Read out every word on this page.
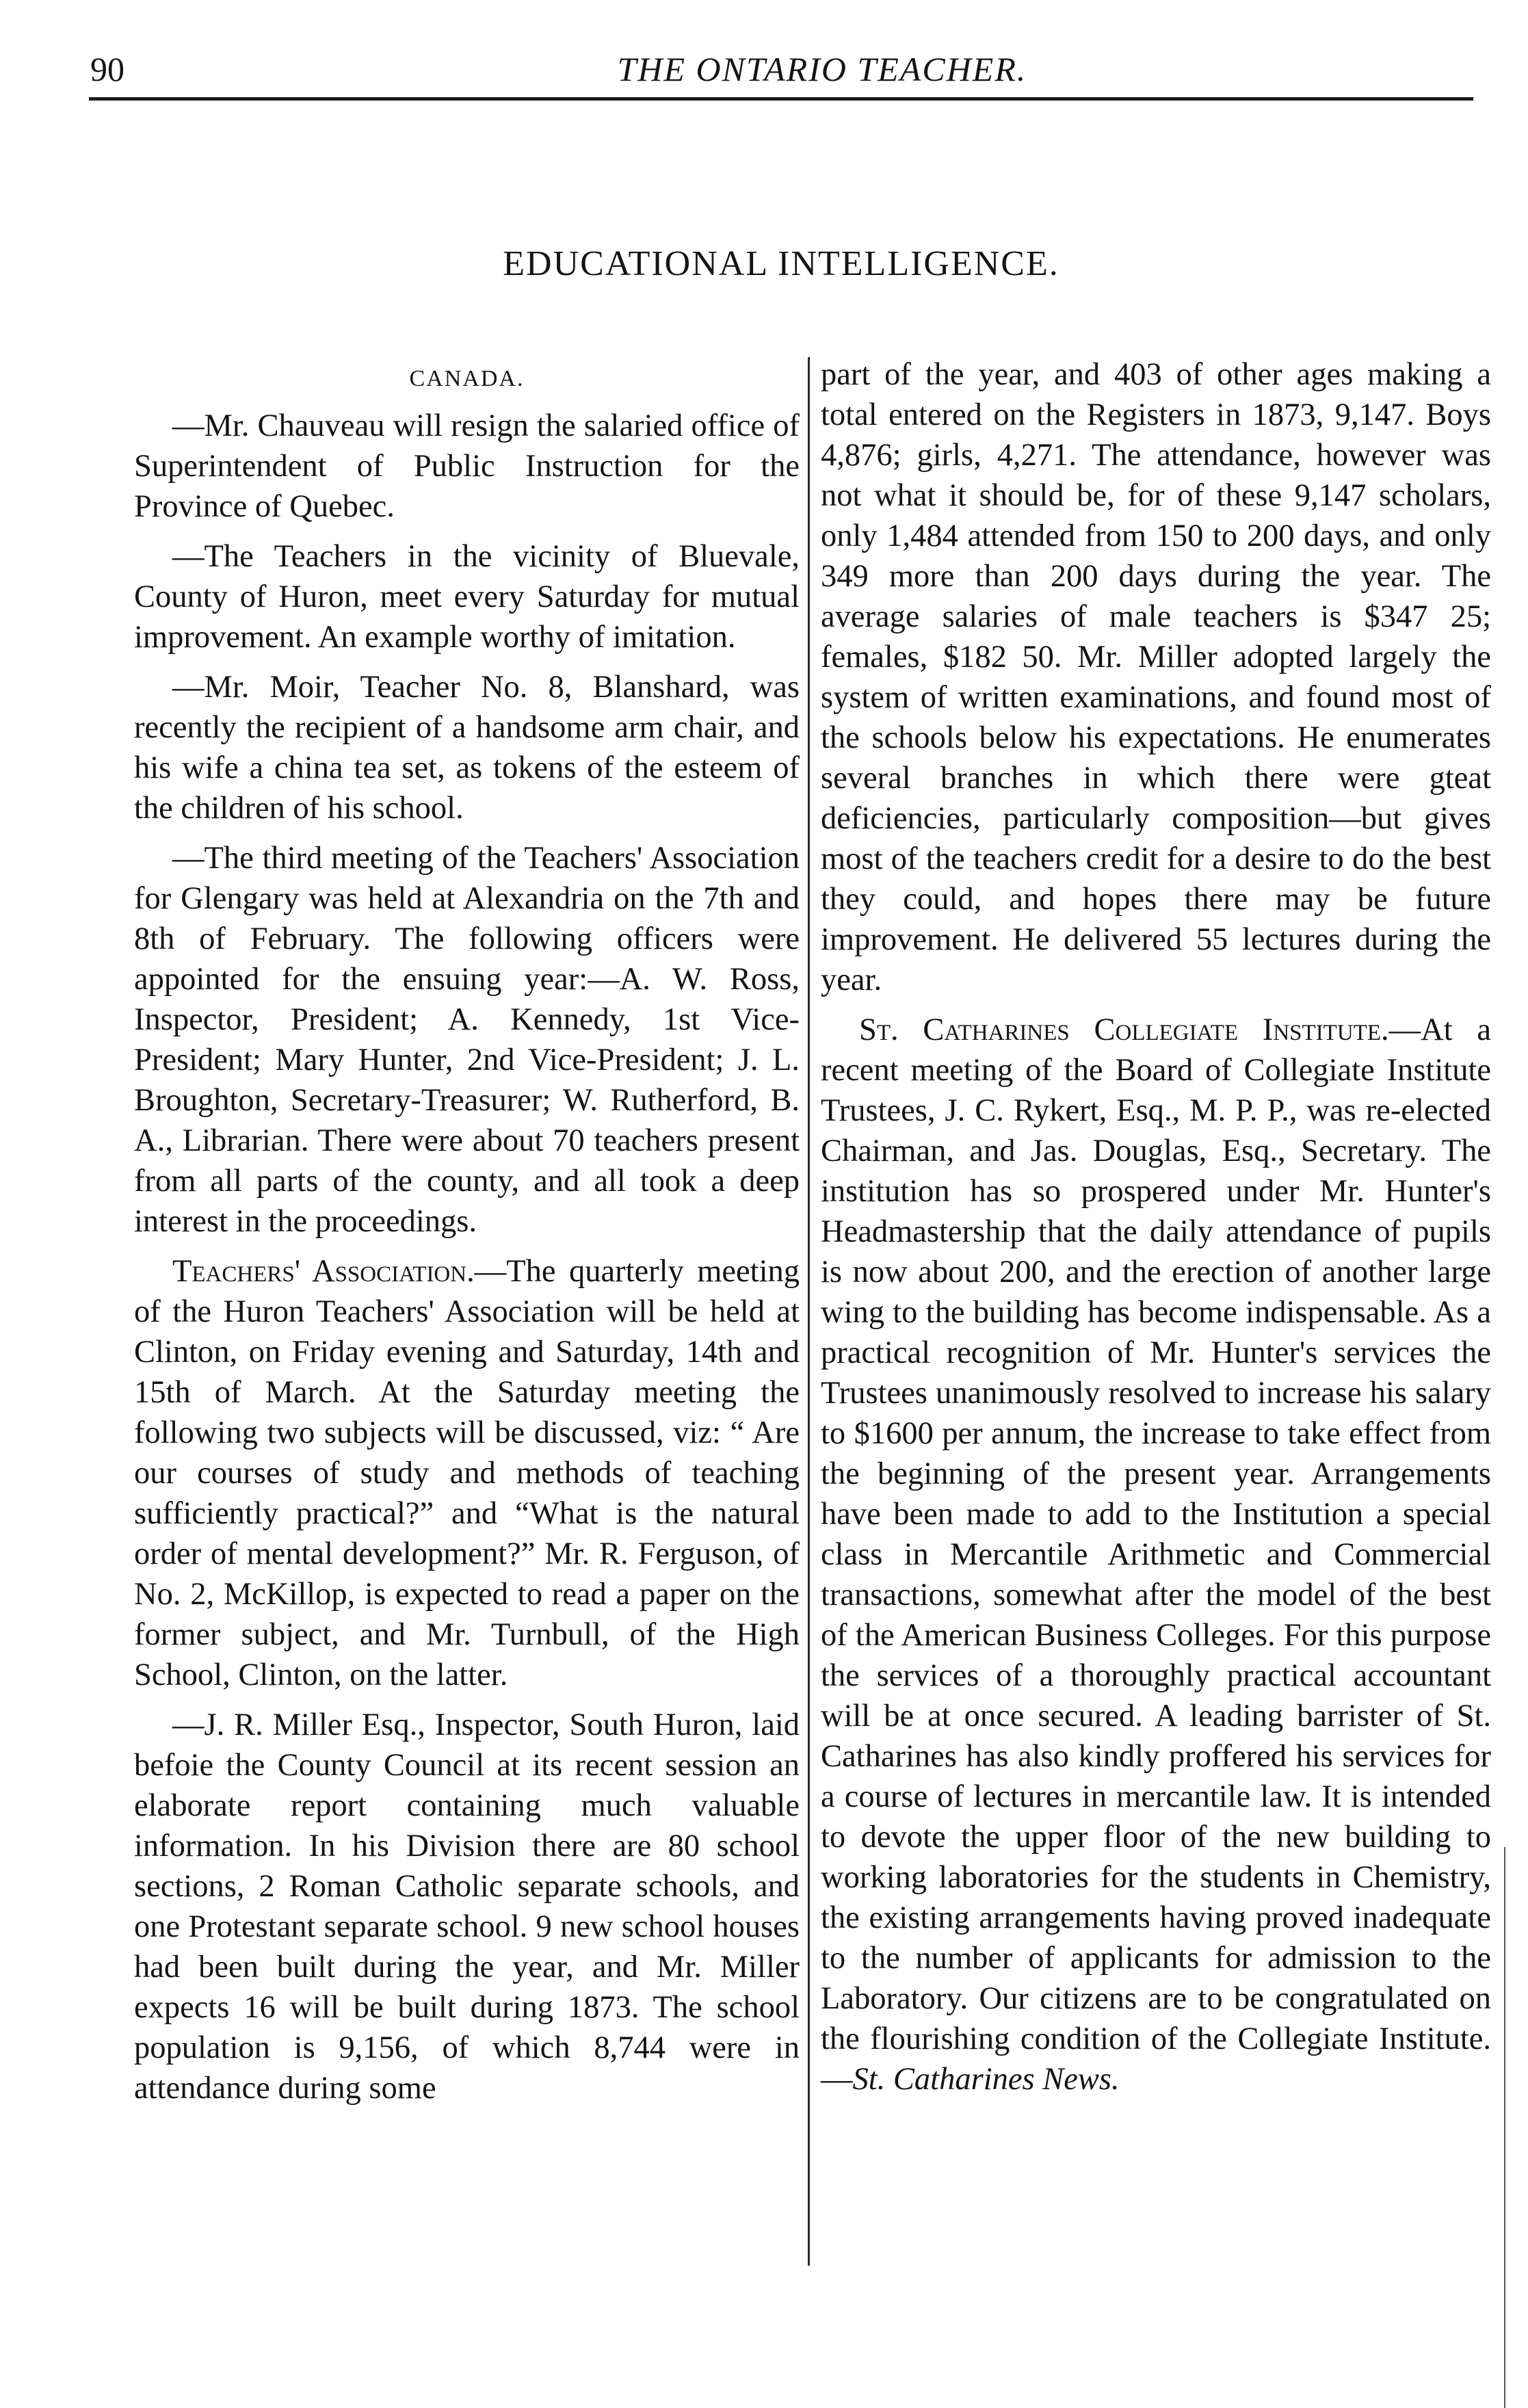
90	THE ONTARIO TEACHER.
EDUCATIONAL INTELLIGENCE.
CANADA.

—Mr. Chauveau will resign the salaried office of Superintendent of Public Instruction for the Province of Quebec.

—The Teachers in the vicinity of Bluevale, County of Huron, meet every Saturday for mutual improvement. An example worthy of imitation.

—Mr. Moir, Teacher No. 8, Blanshard, was recently the recipient of a handsome arm chair, and his wife a china tea set, as tokens of the esteem of the children of his school.

—The third meeting of the Teachers' Association for Glengary was held at Alexandria on the 7th and 8th of February. The following officers were appointed for the ensuing year:—A. W. Ross, Inspector, President; A. Kennedy, 1st Vice-President; Mary Hunter, 2nd Vice-President; J. L. Broughton, Secretary-Treasurer; W. Rutherford, B. A., Librarian. There were about 70 teachers present from all parts of the county, and all took a deep interest in the proceedings.

Teachers' Association.—The quarterly meeting of the Huron Teachers' Association will be held at Clinton, on Friday evening and Saturday, 14th and 15th of March. At the Saturday meeting the following two subjects will be discussed, viz: “ Are our courses of study and methods of teaching sufficiently practical?” and “What is the natural order of mental development?” Mr. R. Ferguson, of No. 2, McKillop, is expected to read a paper on the former subject, and Mr. Turnbull, of the High School, Clinton, on the latter.

—J. R. Miller Esq., Inspector, South Huron, laid befoie the County Council at its recent session an elaborate report containing much valuable information. In his Division there are 80 school sections, 2 Roman Catholic separate schools, and one Protestant separate school. 9 new school houses had been built during the year, and Mr. Miller expects 16 will be built during 1873. The school population is 9,156, of which 8,744 were in attendance during some

part of the year, and 403 of other ages making a total entered on the Registers in 1873, 9,147. Boys 4,876; girls, 4,271. The attendance, however was not what it should be, for of these 9,147 scholars, only 1,484 attended from 150 to 200 days, and only 349 more than 200 days during the year. The average salaries of male teachers is $347 25; females, $182 50. Mr. Miller adopted largely the system of written examinations, and found most of the schools below his expectations. He enumerates several branches in which there were gteat deficiencies, particularly composition—but gives most of the teachers credit for a desire to do the best they could, and hopes there may be future improvement. He delivered 55 lectures during the year.

St. Catharines Collegiate Institute.—At a recent meeting of the Board of Collegiate Institute Trustees, J. C. Rykert, Esq., M. P. P., was re-elected Chairman, and Jas. Douglas, Esq., Secretary. The institution has so prospered under Mr. Hunter's Headmastership that the daily attendance of pupils is now about 200, and the erection of another large wing to the building has become indispensable. As a practical recognition of Mr. Hunter's services the Trustees unanimously resolved to increase his salary to $1600 per annum, the increase to take effect from the beginning of the present year. Arrangements have been made to add to the Institution a special class in Mercantile Arithmetic and Commercial transactions, somewhat after the model of the best of the American Business Colleges. For this purpose the services of a thoroughly practical accountant will be at once secured. A leading barrister of St. Catharines has also kindly proffered his services for a course of lectures in mercantile law. It is intended to devote the upper floor of the new building to working laboratories for the students in Chemistry, the existing arrangements having proved inadequate to the number of applicants for admission to the Laboratory. Our citizens are to be congratulated on the flourishing condition of the Collegiate Institute.—St. Catharines News.
